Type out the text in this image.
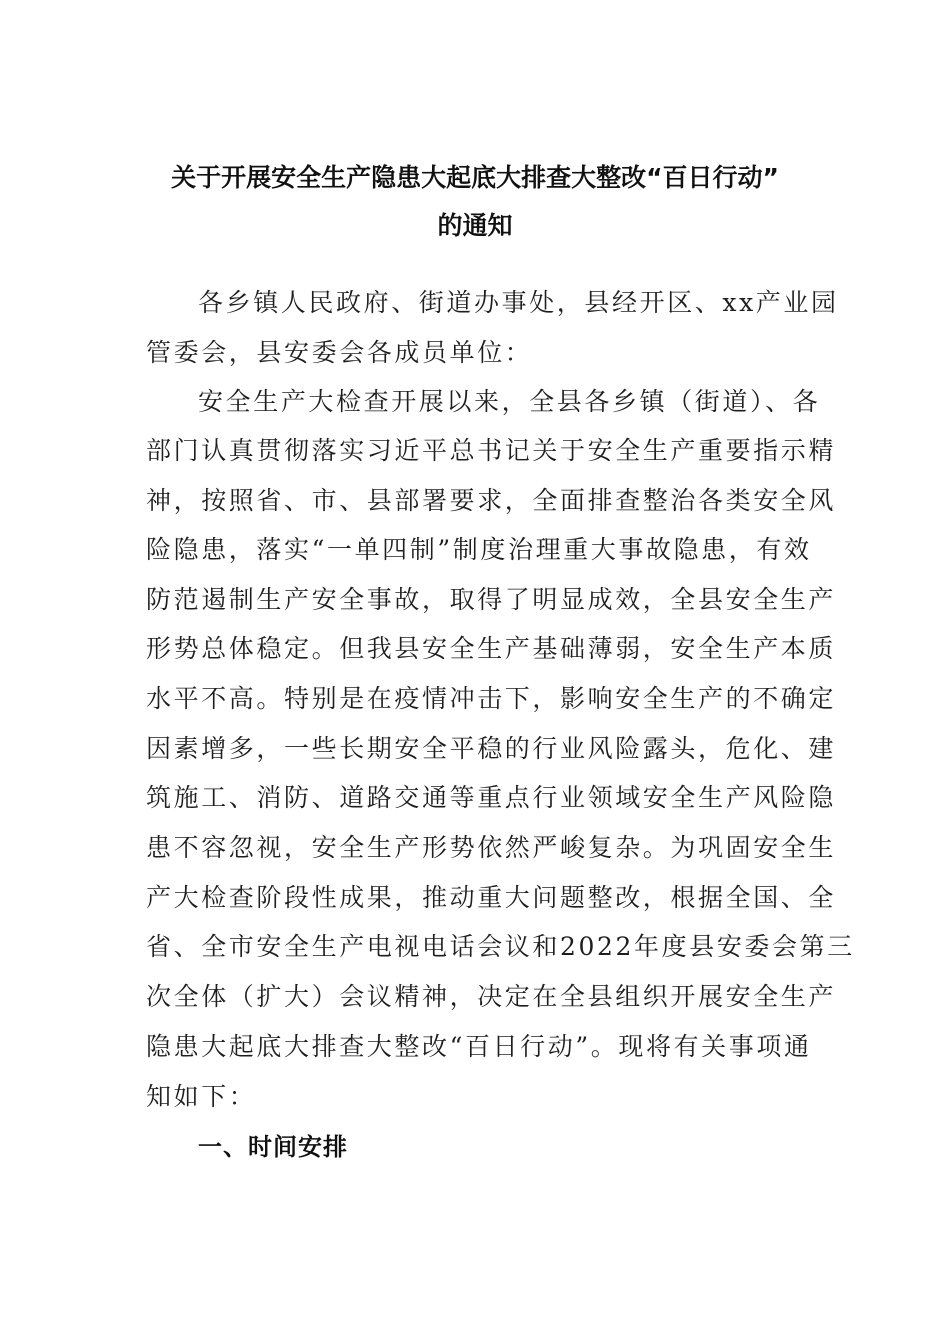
关于开展安全生产隐患大起底大排查大整改“百日行动”
的通知
各乡镇人民政府、街道办事处，县经开区、xx产业园
管委会，县安委会各成员单位：
安全生产大检查开展以来，全县各乡镇（街道）、各
部门认真贯彻落实习近平总书记关于安全生产重要指示精
神，按照省、市、县部署要求，全面排查整治各类安全风
险隐患，落实“一单四制”制度治理重大事故隐患，有效
防范遏制生产安全事故，取得了明显成效，全县安全生产
形势总体稳定。但我县安全生产基础薄弱，安全生产本质
水平不高。特别是在疫情冲击下，影响安全生产的不确定
因素增多，一些长期安全平稳的行业风险露头，危化、建
筑施工、消防、道路交通等重点行业领域安全生产风险隐
患不容忽视，安全生产形势依然严峻复杂。为巩固安全生
产大检查阶段性成果，推动重大问题整改，根据全国、全
省、全市安全生产电视电话会议和2022年度县安委会第三
次全体（扩大）会议精神，决定在全县组织开展安全生产
隐患大起底大排查大整改“百日行动”。现将有关事项通
知如下：
一、时间安排
